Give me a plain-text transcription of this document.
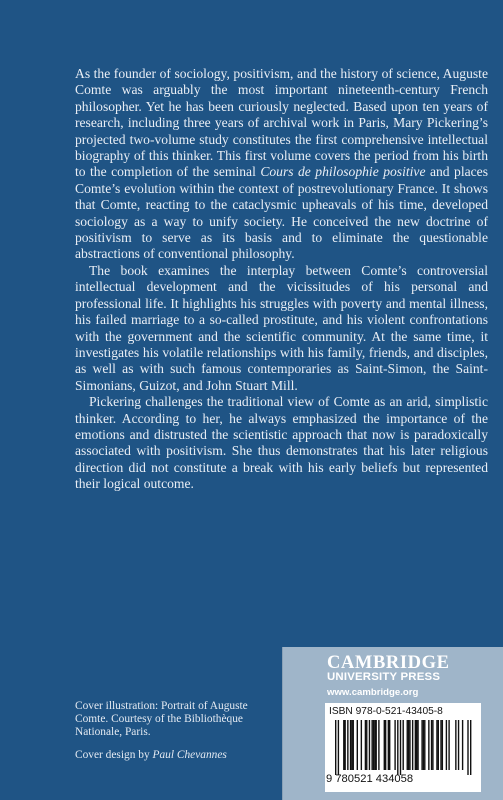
As the founder of sociology, positivism, and the history of science, Auguste Comte was arguably the most important nineteenth-century French philosopher. Yet he has been curiously neglected. Based upon ten years of research, including three years of archival work in Paris, Mary Pickering’s projected two-volume study constitutes the first comprehensive intellectual biography of this thinker. This first volume covers the period from his birth to the completion of the seminal Cours de philosophie positive and places Comte’s evolution within the context of postrevolutionary France. It shows that Comte, reacting to the cataclysmic upheavals of his time, developed sociology as a way to unify society. He conceived the new doctrine of positivism to serve as its basis and to eliminate the questionable abstractions of conventional philosophy.

The book examines the interplay between Comte’s controversial intellectual development and the vicissitudes of his personal and professional life. It highlights his struggles with poverty and mental illness, his failed marriage to a so-called prostitute, and his violent confrontations with the government and the scientific community. At the same time, it investigates his volatile relationships with his family, friends, and disciples, as well as with such famous contemporaries as Saint-Simon, the Saint-Simonians, Guizot, and John Stuart Mill.

Pickering challenges the traditional view of Comte as an arid, simplistic thinker. According to her, he always emphasized the importance of the emotions and distrusted the scientistic approach that now is paradoxically associated with positivism. She thus demonstrates that his later religious direction did not constitute a break with his early beliefs but represented their logical outcome.

Cover illustration: Portrait of Auguste Comte. Courtesy of the Bibliothèque Nationale, Paris.

Cover design by Paul Chevannes

CAMBRIDGE
UNIVERSITY PRESS
www.cambridge.org
ISBN 978-0-521-43405-8
9 780521 434058
